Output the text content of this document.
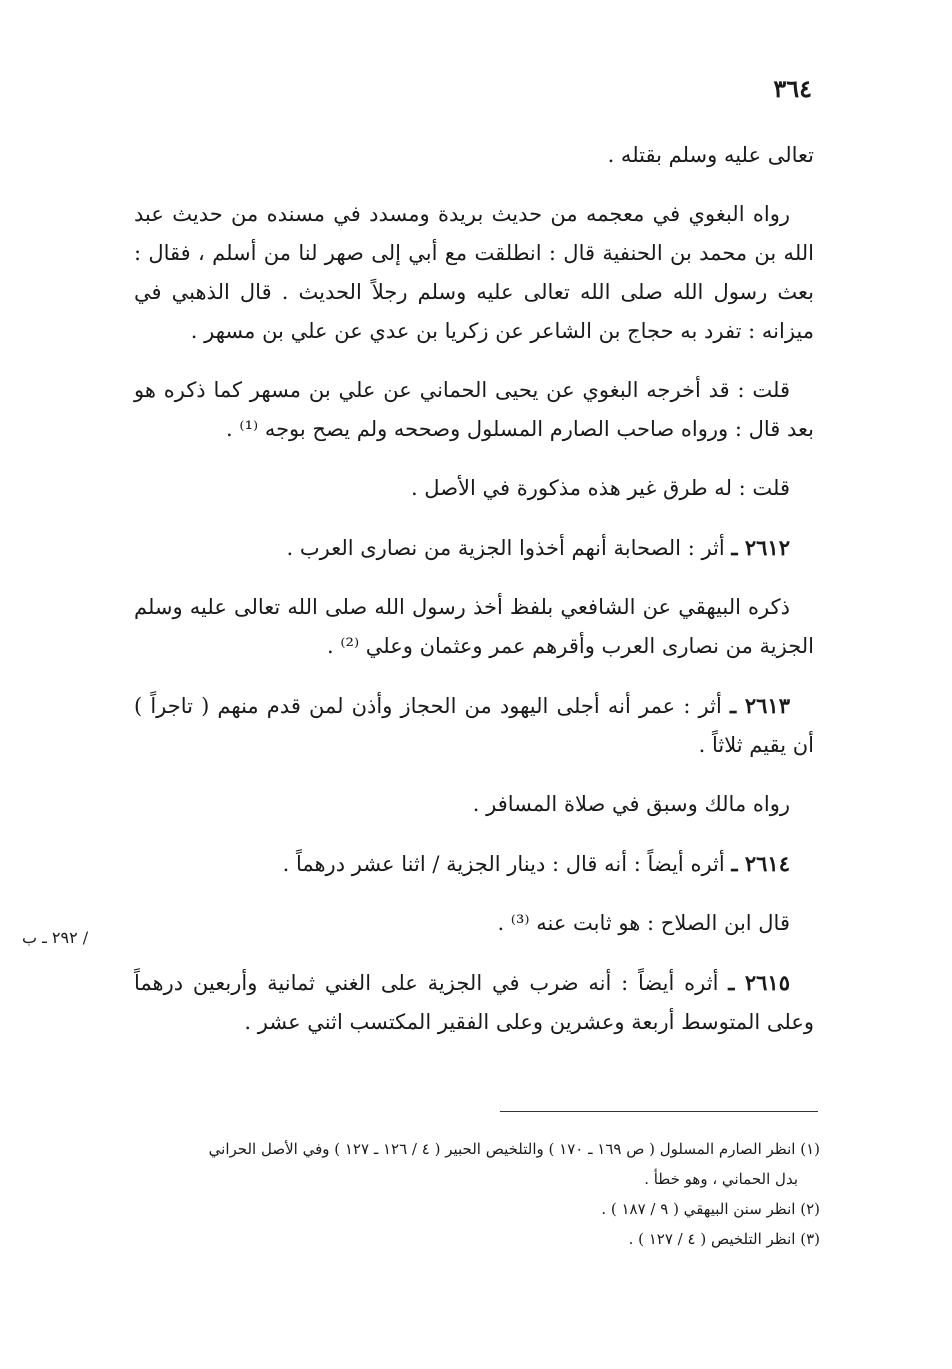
٣٦٤
/ ٢٩٢ ـ ب

تعالى عليه وسلم بقتله .

رواه البغوي في معجمه من حديث بريدة ومسدد في مسنده من حديث عبد الله بن محمد بن الحنفية قال : انطلقت مع أبي إلى صهر لنا من أسلم ، فقال : بعث رسول الله صلى الله تعالى عليه وسلم رجلاً الحديث . قال الذهبي في ميزانه : تفرد به حجاج بن الشاعر عن زكريا بن عدي عن علي بن مسهر .

قلت : قد أخرجه البغوي عن يحيى الحماني عن علي بن مسهر كما ذكره هو بعد قال : ورواه صاحب الصارم المسلول وصححه ولم يصح بوجه ⁽¹⁾ .

قلت : له طرق غير هذه مذكورة في الأصل .

٢٦١٢ ـ أثر : الصحابة أنهم أخذوا الجزية من نصارى العرب .

ذكره البيهقي عن الشافعي بلفظ أخذ رسول الله صلى الله تعالى عليه وسلم الجزية من نصارى العرب وأقرهم عمر وعثمان وعلي ⁽²⁾ .

٢٦١٣ ـ أثر : عمر أنه أجلى اليهود من الحجاز وأذن لمن قدم منهم ( تاجراً ) أن يقيم ثلاثاً .

رواه مالك وسبق في صلاة المسافر .

٢٦١٤ ـ أثره أيضاً : أنه قال : دينار الجزية / اثنا عشر درهماً .

قال ابن الصلاح : هو ثابت عنه ⁽³⁾ .

٢٦١٥ ـ أثره أيضاً : أنه ضرب في الجزية على الغني ثمانية وأربعين درهماً وعلى المتوسط أربعة وعشرين وعلى الفقير المكتسب اثني عشر .

(١) انظر الصارم المسلول ( ص ١٦٩ ـ ١٧٠ ) والتلخيص الحبير ( ٤ / ١٢٦ ـ ١٢٧ ) وفي الأصل الحراني
بدل الحماني ، وهو خطأ .

(٢) انظر سنن البيهقي ( ٩ / ١٨٧ ) .

(٣) انظر التلخيص ( ٤ / ١٢٧ ) .
